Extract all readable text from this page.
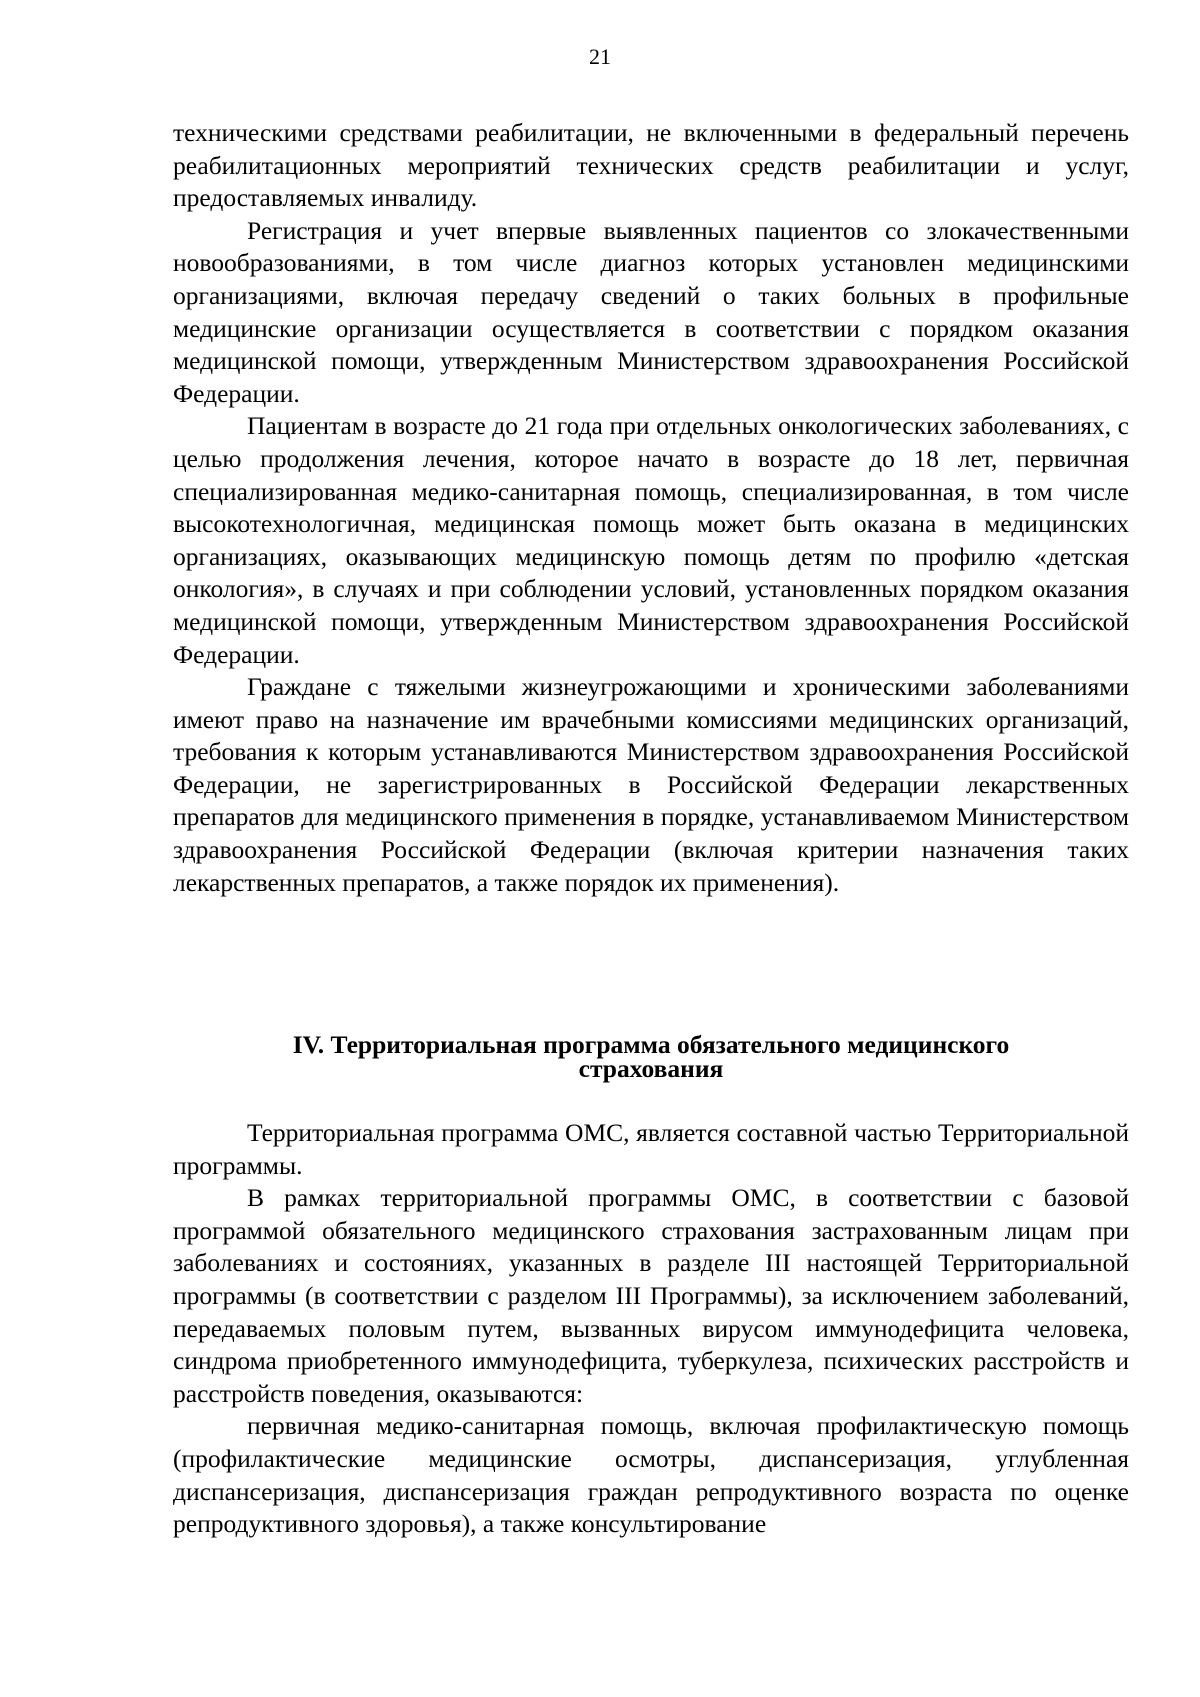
21

техническими средствами реабилитации, не включенными в федеральный перечень реабилитационных мероприятий технических средств реабилитации и услуг, предоставляемых инвалиду.

Регистрация и учет впервые выявленных пациентов со злокачественными новообразованиями, в том числе диагноз которых установлен медицинскими организациями, включая передачу сведений о таких больных в профильные медицинские организации осуществляется в соответствии с порядком оказания медицинской помощи, утвержденным Министерством здравоохранения Российской Федерации.

Пациентам в возрасте до 21 года при отдельных онкологических заболеваниях, с целью продолжения лечения, которое начато в возрасте до 18 лет, первичная специализированная медико-санитарная помощь, специализированная, в том числе высокотехнологичная, медицинская помощь может быть оказана в медицинских организациях, оказывающих медицинскую помощь детям по профилю «детская онкология», в случаях и при соблюдении условий, установленных порядком оказания медицинской помощи, утвержденным Министерством здравоохранения Российской Федерации.

Граждане с тяжелыми жизнеугрожающими и хроническими заболеваниями имеют право на назначение им врачебными комиссиями медицинских организаций, требования к которым устанавливаются Министерством здравоохранения Российской Федерации, не зарегистрированных в Российской Федерации лекарственных препаратов для медицинского применения в порядке, устанавливаемом Министерством здравоохранения Российской Федерации (включая критерии назначения таких лекарственных препаратов, а также порядок их применения).

IV. Территориальная программа обязательного медицинского
страхования

Территориальная программа ОМС, является составной частью Территориальной программы.

В рамках территориальной программы ОМС, в соответствии с базовой программой обязательного медицинского страхования застрахованным лицам при заболеваниях и состояниях, указанных в разделе III настоящей Территориальной программы (в соответствии с разделом III Программы), за исключением заболеваний, передаваемых половым путем, вызванных вирусом иммунодефицита человека, синдрома приобретенного иммунодефицита, туберкулеза, психических расстройств и расстройств поведения, оказываются:

первичная медико-санитарная помощь, включая профилактическую помощь (профилактические медицинские осмотры, диспансеризация, углубленная диспансеризация, диспансеризация граждан репродуктивного возраста по оценке репродуктивного здоровья), а также консультирование
